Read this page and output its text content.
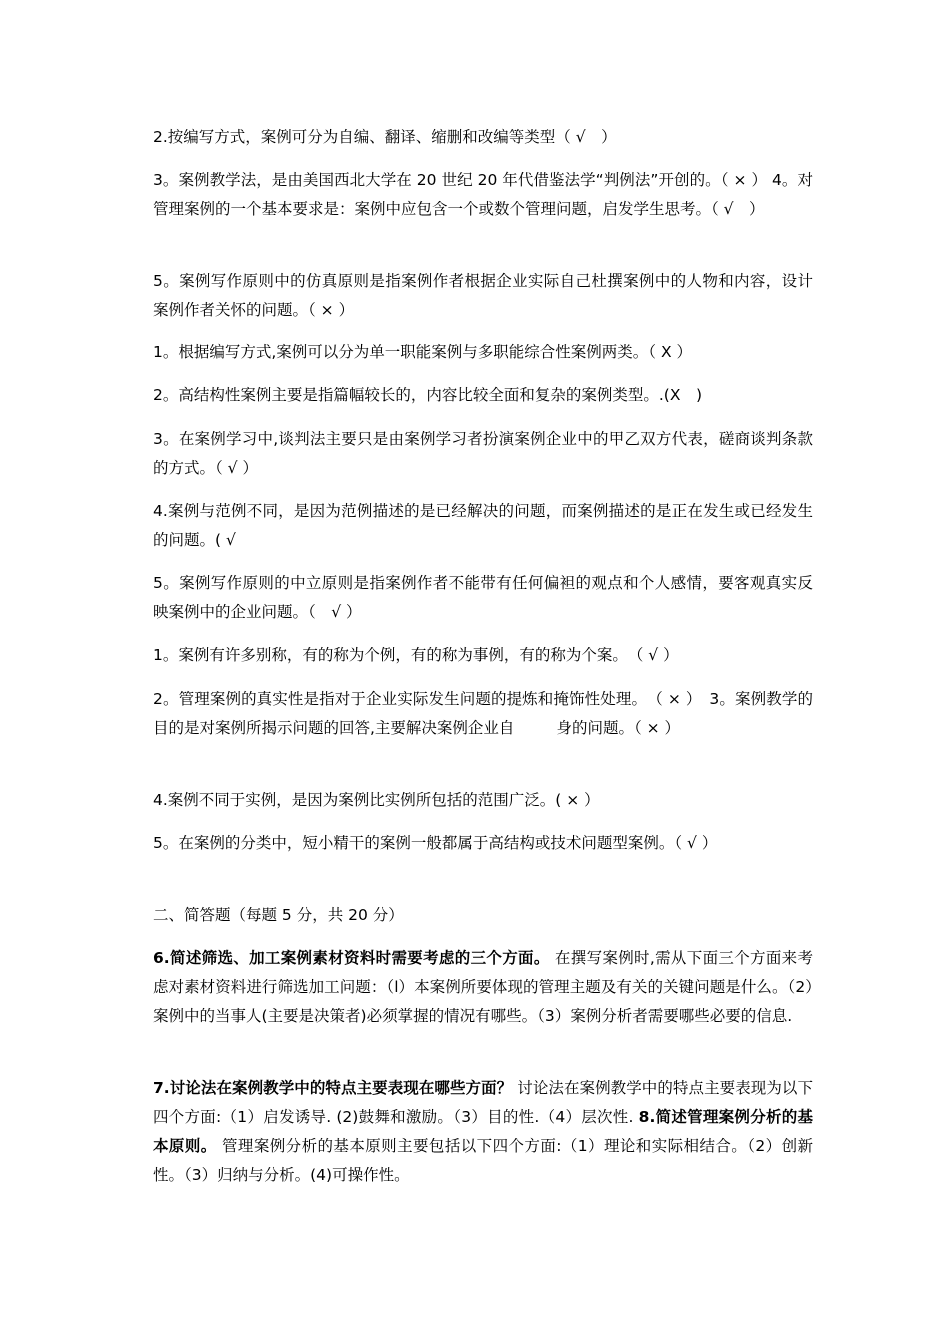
2.按编写方式，案例可分为自编、翻译、缩删和改编等类型（ √　）

3。案例教学法，是由美国西北大学在 20 世纪 20 年代借鉴法学“判例法”开创的。（ × ） 4。对管理案例的一个基本要求是：案例中应包含一个或数个管理问题，启发学生思考。（ √　）

5。案例写作原则中的仿真原则是指案例作者根据企业实际自己杜撰案例中的人物和内容，设计案例作者关怀的问题。（ × ）

1。根据编写方式,案例可以分为单一职能案例与多职能综合性案例两类。（ X ）

2。高结构性案例主要是指篇幅较长的，内容比较全面和复杂的案例类型。.(X　)

3。在案例学习中,谈判法主要只是由案例学习者扮演案例企业中的甲乙双方代表，磋商谈判条款的方式。（ √ ）

4.案例与范例不同，是因为范例描述的是已经解决的问题，而案例描述的是正在发生或已经发生的问题。( √

5。案例写作原则的中立原则是指案例作者不能带有任何偏袒的观点和个人感情，要客观真实反映案例中的企业问题。（　√ ）

1。案例有许多别称，有的称为个例，有的称为事例，有的称为个案。　（ √ ）

2。管理案例的真实性是指对于企业实际发生问题的提炼和掩饰性处理。　（ × ）　3。案例教学的目的是对案例所揭示问题的回答,主要解决案例企业自	身的问题。（ × ）

4.案例不同于实例，是因为案例比实例所包括的范围广泛。( × ）

5。在案例的分类中，短小精干的案例一般都属于高结构或技术问题型案例。（ √ ）

二、简答题（每题 5 分，共 20 分）

6.简述筛选、加工案例素材资料时需要考虑的三个方面。 在撰写案例时,需从下面三个方面来考虑对素材资料进行筛选加工问题：（l）本案例所要体现的管理主题及有关的关键问题是什么。（2）案例中的当事人(主要是决策者)必须掌握的情况有哪些。（3）案例分析者需要哪些必要的信息.

7.讨论法在案例教学中的特点主要表现在哪些方面？ 讨论法在案例教学中的特点主要表现为以下四个方面:（1）启发诱导. (2)鼓舞和激励。（3）目的性.（4）层次性. 8.简述管理案例分析的基本原则。 管理案例分析的基本原则主要包括以下四个方面:（1）理论和实际相结合。（2）创新性。（3）归纳与分析。(4)可操作性。
